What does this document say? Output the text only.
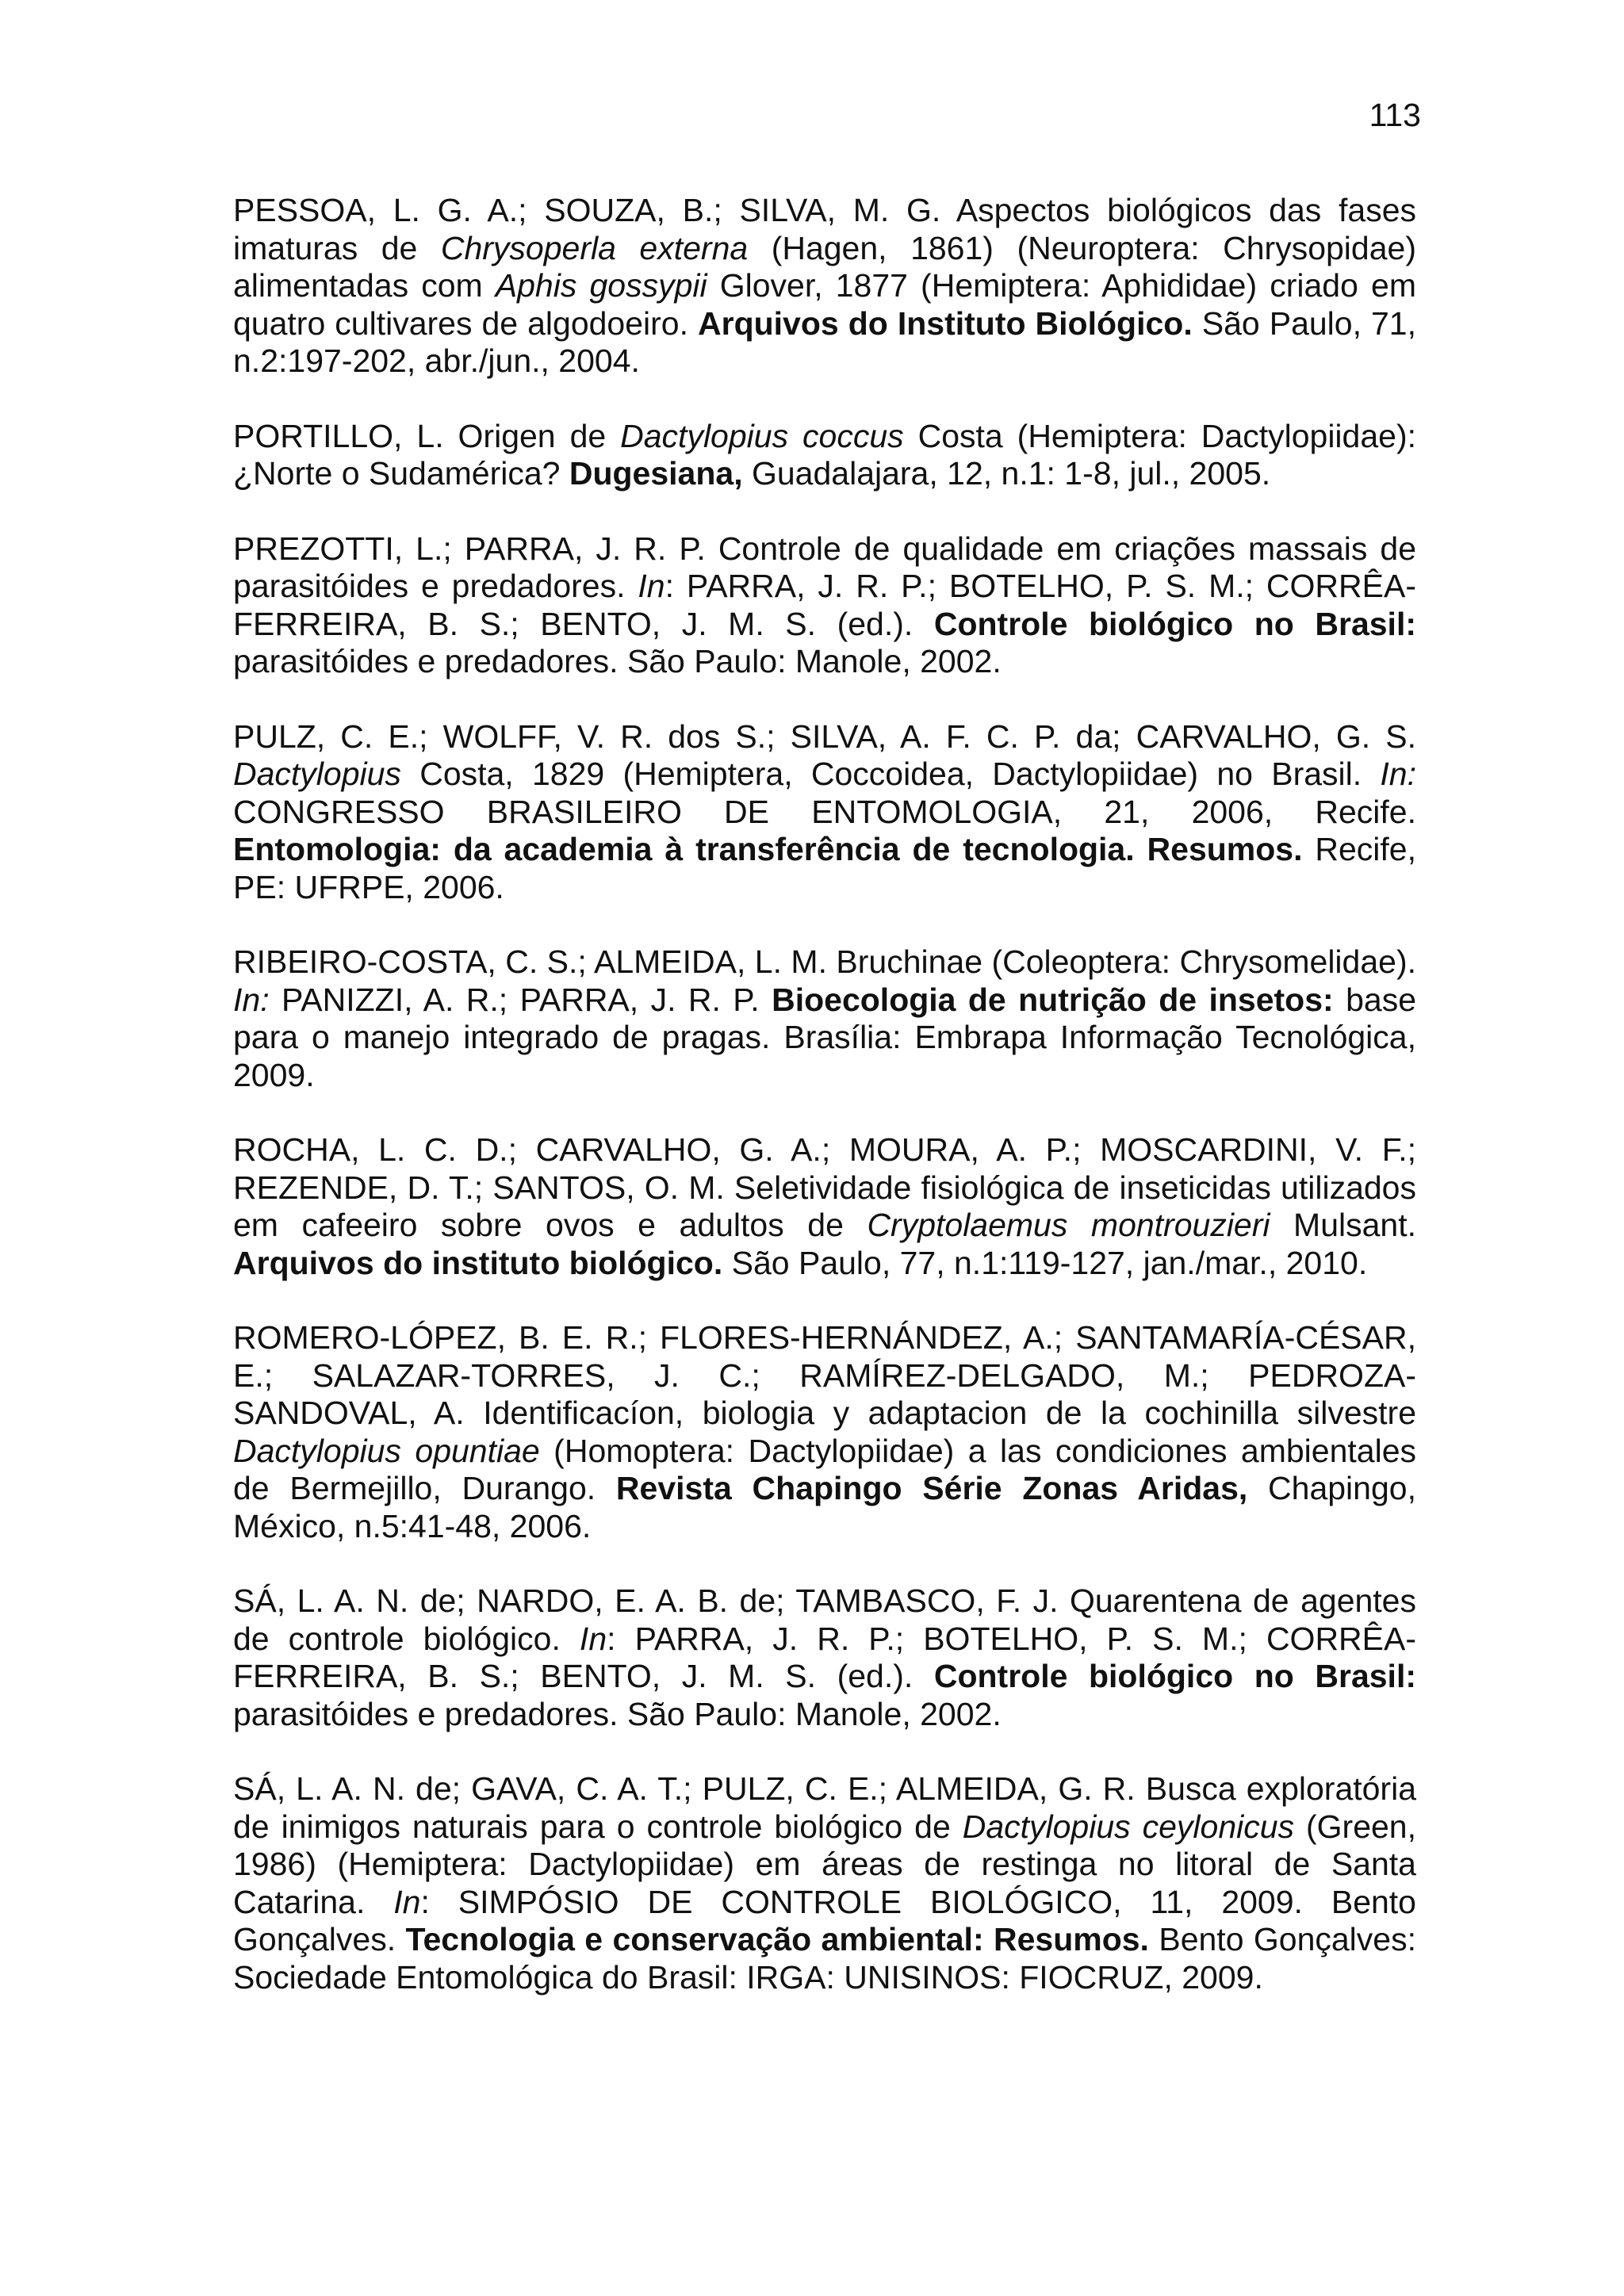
113

PESSOA, L. G. A.; SOUZA, B.; SILVA, M. G. Aspectos biológicos das fases imaturas de Chrysoperla externa (Hagen, 1861) (Neuroptera: Chrysopidae) alimentadas com Aphis gossypii Glover, 1877 (Hemiptera: Aphididae) criado em quatro cultivares de algodoeiro. Arquivos do Instituto Biológico. São Paulo, 71, n.2:197-202, abr./jun., 2004.

PORTILLO, L. Origen de Dactylopius coccus Costa (Hemiptera: Dactylopiidae): ¿Norte o Sudamérica? Dugesiana, Guadalajara, 12, n.1: 1-8, jul., 2005.

PREZOTTI, L.; PARRA, J. R. P. Controle de qualidade em criações massais de parasitóides e predadores. In: PARRA, J. R. P.; BOTELHO, P. S. M.; CORRÊA-FERREIRA, B. S.; BENTO, J. M. S. (ed.). Controle biológico no Brasil: parasitóides e predadores. São Paulo: Manole, 2002.

PULZ, C. E.; WOLFF, V. R. dos S.; SILVA, A. F. C. P. da; CARVALHO, G. S. Dactylopius Costa, 1829 (Hemiptera, Coccoidea, Dactylopiidae) no Brasil. In: CONGRESSO BRASILEIRO DE ENTOMOLOGIA, 21, 2006, Recife. Entomologia: da academia à transferência de tecnologia. Resumos. Recife, PE: UFRPE, 2006.

RIBEIRO-COSTA, C. S.; ALMEIDA, L. M. Bruchinae (Coleoptera: Chrysomelidae). In: PANIZZI, A. R.; PARRA, J. R. P. Bioecologia de nutrição de insetos: base para o manejo integrado de pragas. Brasília: Embrapa Informação Tecnológica, 2009.

ROCHA, L. C. D.; CARVALHO, G. A.; MOURA, A. P.; MOSCARDINI, V. F.; REZENDE, D. T.; SANTOS, O. M. Seletividade fisiológica de inseticidas utilizados em cafeeiro sobre ovos e adultos de Cryptolaemus montrouzieri Mulsant. Arquivos do instituto biológico. São Paulo, 77, n.1:119-127, jan./mar., 2010.

ROMERO-LÓPEZ, B. E. R.; FLORES-HERNÁNDEZ, A.; SANTAMARÍA-CÉSAR, E.; SALAZAR-TORRES, J. C.; RAMÍREZ-DELGADO, M.; PEDROZA-SANDOVAL, A. Identificacíon, biologia y adaptacion de la cochinilla silvestre Dactylopius opuntiae (Homoptera: Dactylopiidae) a las condiciones ambientales de Bermejillo, Durango. Revista Chapingo Série Zonas Aridas, Chapingo, México, n.5:41-48, 2006.

SÁ, L. A. N. de; NARDO, E. A. B. de; TAMBASCO, F. J. Quarentena de agentes de controle biológico. In: PARRA, J. R. P.; BOTELHO, P. S. M.; CORRÊA-FERREIRA, B. S.; BENTO, J. M. S. (ed.). Controle biológico no Brasil: parasitóides e predadores. São Paulo: Manole, 2002.

SÁ, L. A. N. de; GAVA, C. A. T.; PULZ, C. E.; ALMEIDA, G. R. Busca exploratória de inimigos naturais para o controle biológico de Dactylopius ceylonicus (Green, 1986) (Hemiptera: Dactylopiidae) em áreas de restinga no litoral de Santa Catarina. In: SIMPÓSIO DE CONTROLE BIOLÓGICO, 11, 2009. Bento Gonçalves. Tecnologia e conservação ambiental: Resumos. Bento Gonçalves: Sociedade Entomológica do Brasil: IRGA: UNISINOS: FIOCRUZ, 2009.
